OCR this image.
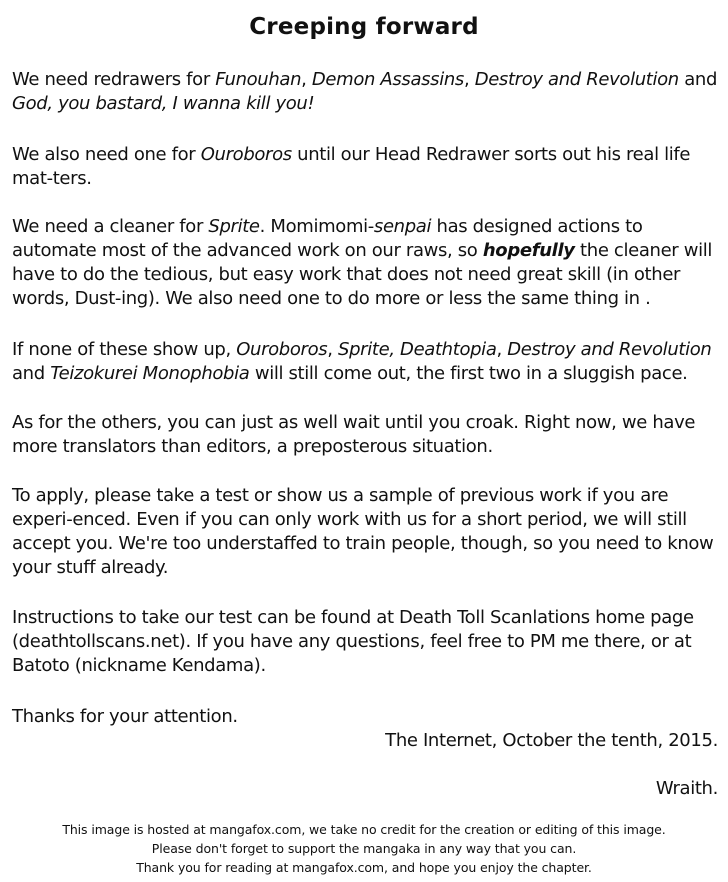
Creeping forward

We need redrawers for Funouhan, Demon Assassins, Destroy and Revolution and God, you bastard, I wanna kill you!

We also need one for Ouroboros until our Head Redrawer sorts out his real life mat-ters.

We need a cleaner for Sprite. Momimomi-senpai has designed actions to automate most of the advanced work on our raws, so hopefully the cleaner will have to do the tedious, but easy work that does not need great skill (in other words, Dust-ing). We also need one to do more or less the same thing in .

If none of these show up, Ouroboros, Sprite, Deathtopia, Destroy and Revolution and Teizokurei Monophobia will still come out, the first two in a sluggish pace.

As for the others, you can just as well wait until you croak. Right now, we have more translators than editors, a preposterous situation.

To apply, please take a test or show us a sample of previous work if you are experi-enced. Even if you can only work with us for a short period, we will still accept you. We're too understaffed to train people, though, so you need to know your stuff already.

Instructions to take our test can be found at Death Toll Scanlations home page (deathtollscans.net). If you have any questions, feel free to PM me there, or at Batoto (nickname Kendama).

Thanks for your attention.

The Internet, October the tenth, 2015.

Wraith.

This image is hosted at mangafox.com, we take no credit for the creation or editing of this image.
Please don't forget to support the mangaka in any way that you can.
Thank you for reading at mangafox.com, and hope you enjoy the chapter.
